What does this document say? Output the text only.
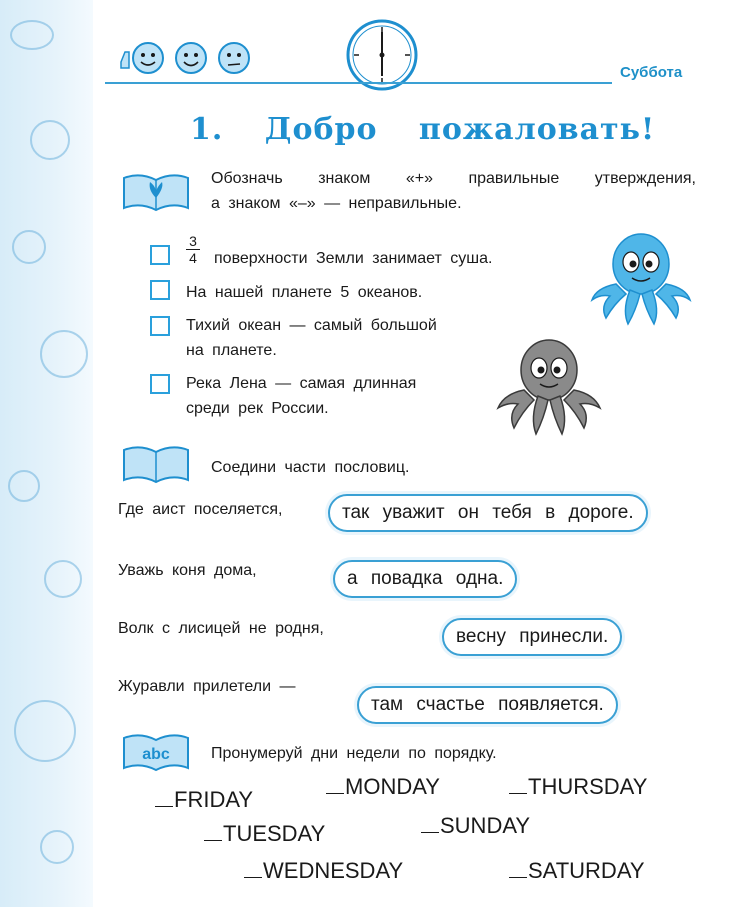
Суббота
1. Добро пожаловать!
Обозначь знаком «+» правильные утверждения,
а знаком «–» — неправильные.
$\frac{3}{4}$ поверхности Земли занимает суша.
На нашей планете 5 океанов.
Тихий океан — самый большой
на планете.
Река Лена — самая длинная
среди рек России.
Соедини части пословиц.
Где аист поселяется,
Уважь коня дома,
Волк с лисицей не родня,
Журавли прилетели —
так уважит он тебя в дороге.
а повадка одна.
весну принесли.
там счастье появляется.
abc	Пронумеруй дни недели по порядку.
FRIDAY
MONDAY	THURSDAY
TUESDAY	SUNDAY
WEDNESDAY	SATURDAY
